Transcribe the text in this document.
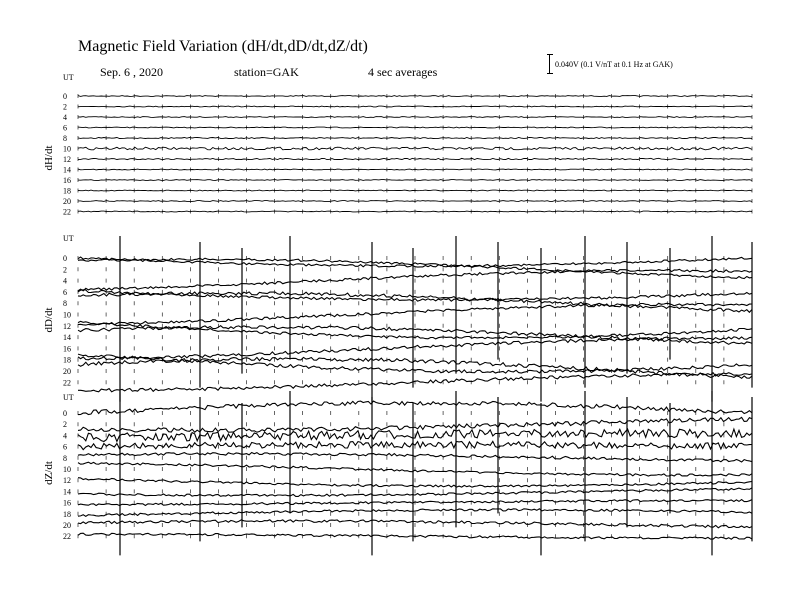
UT
dH/dt
0
2
4
6
8
10
12
14
16
18
20
22
UT
dD/dt
0
2
4
6
8
10
12
14
16
18
20
22
UT
dZ/dt
0
2
4
6
8
10
12
14
16
18
20
22
Magnetic Field Variation (dH/dt,dD/dt,dZ/dt)
Sep. 6 , 2020	station=GAK	4 sec averages
0.040V (0.1 V/nT at 0.1 Hz at GAK)
